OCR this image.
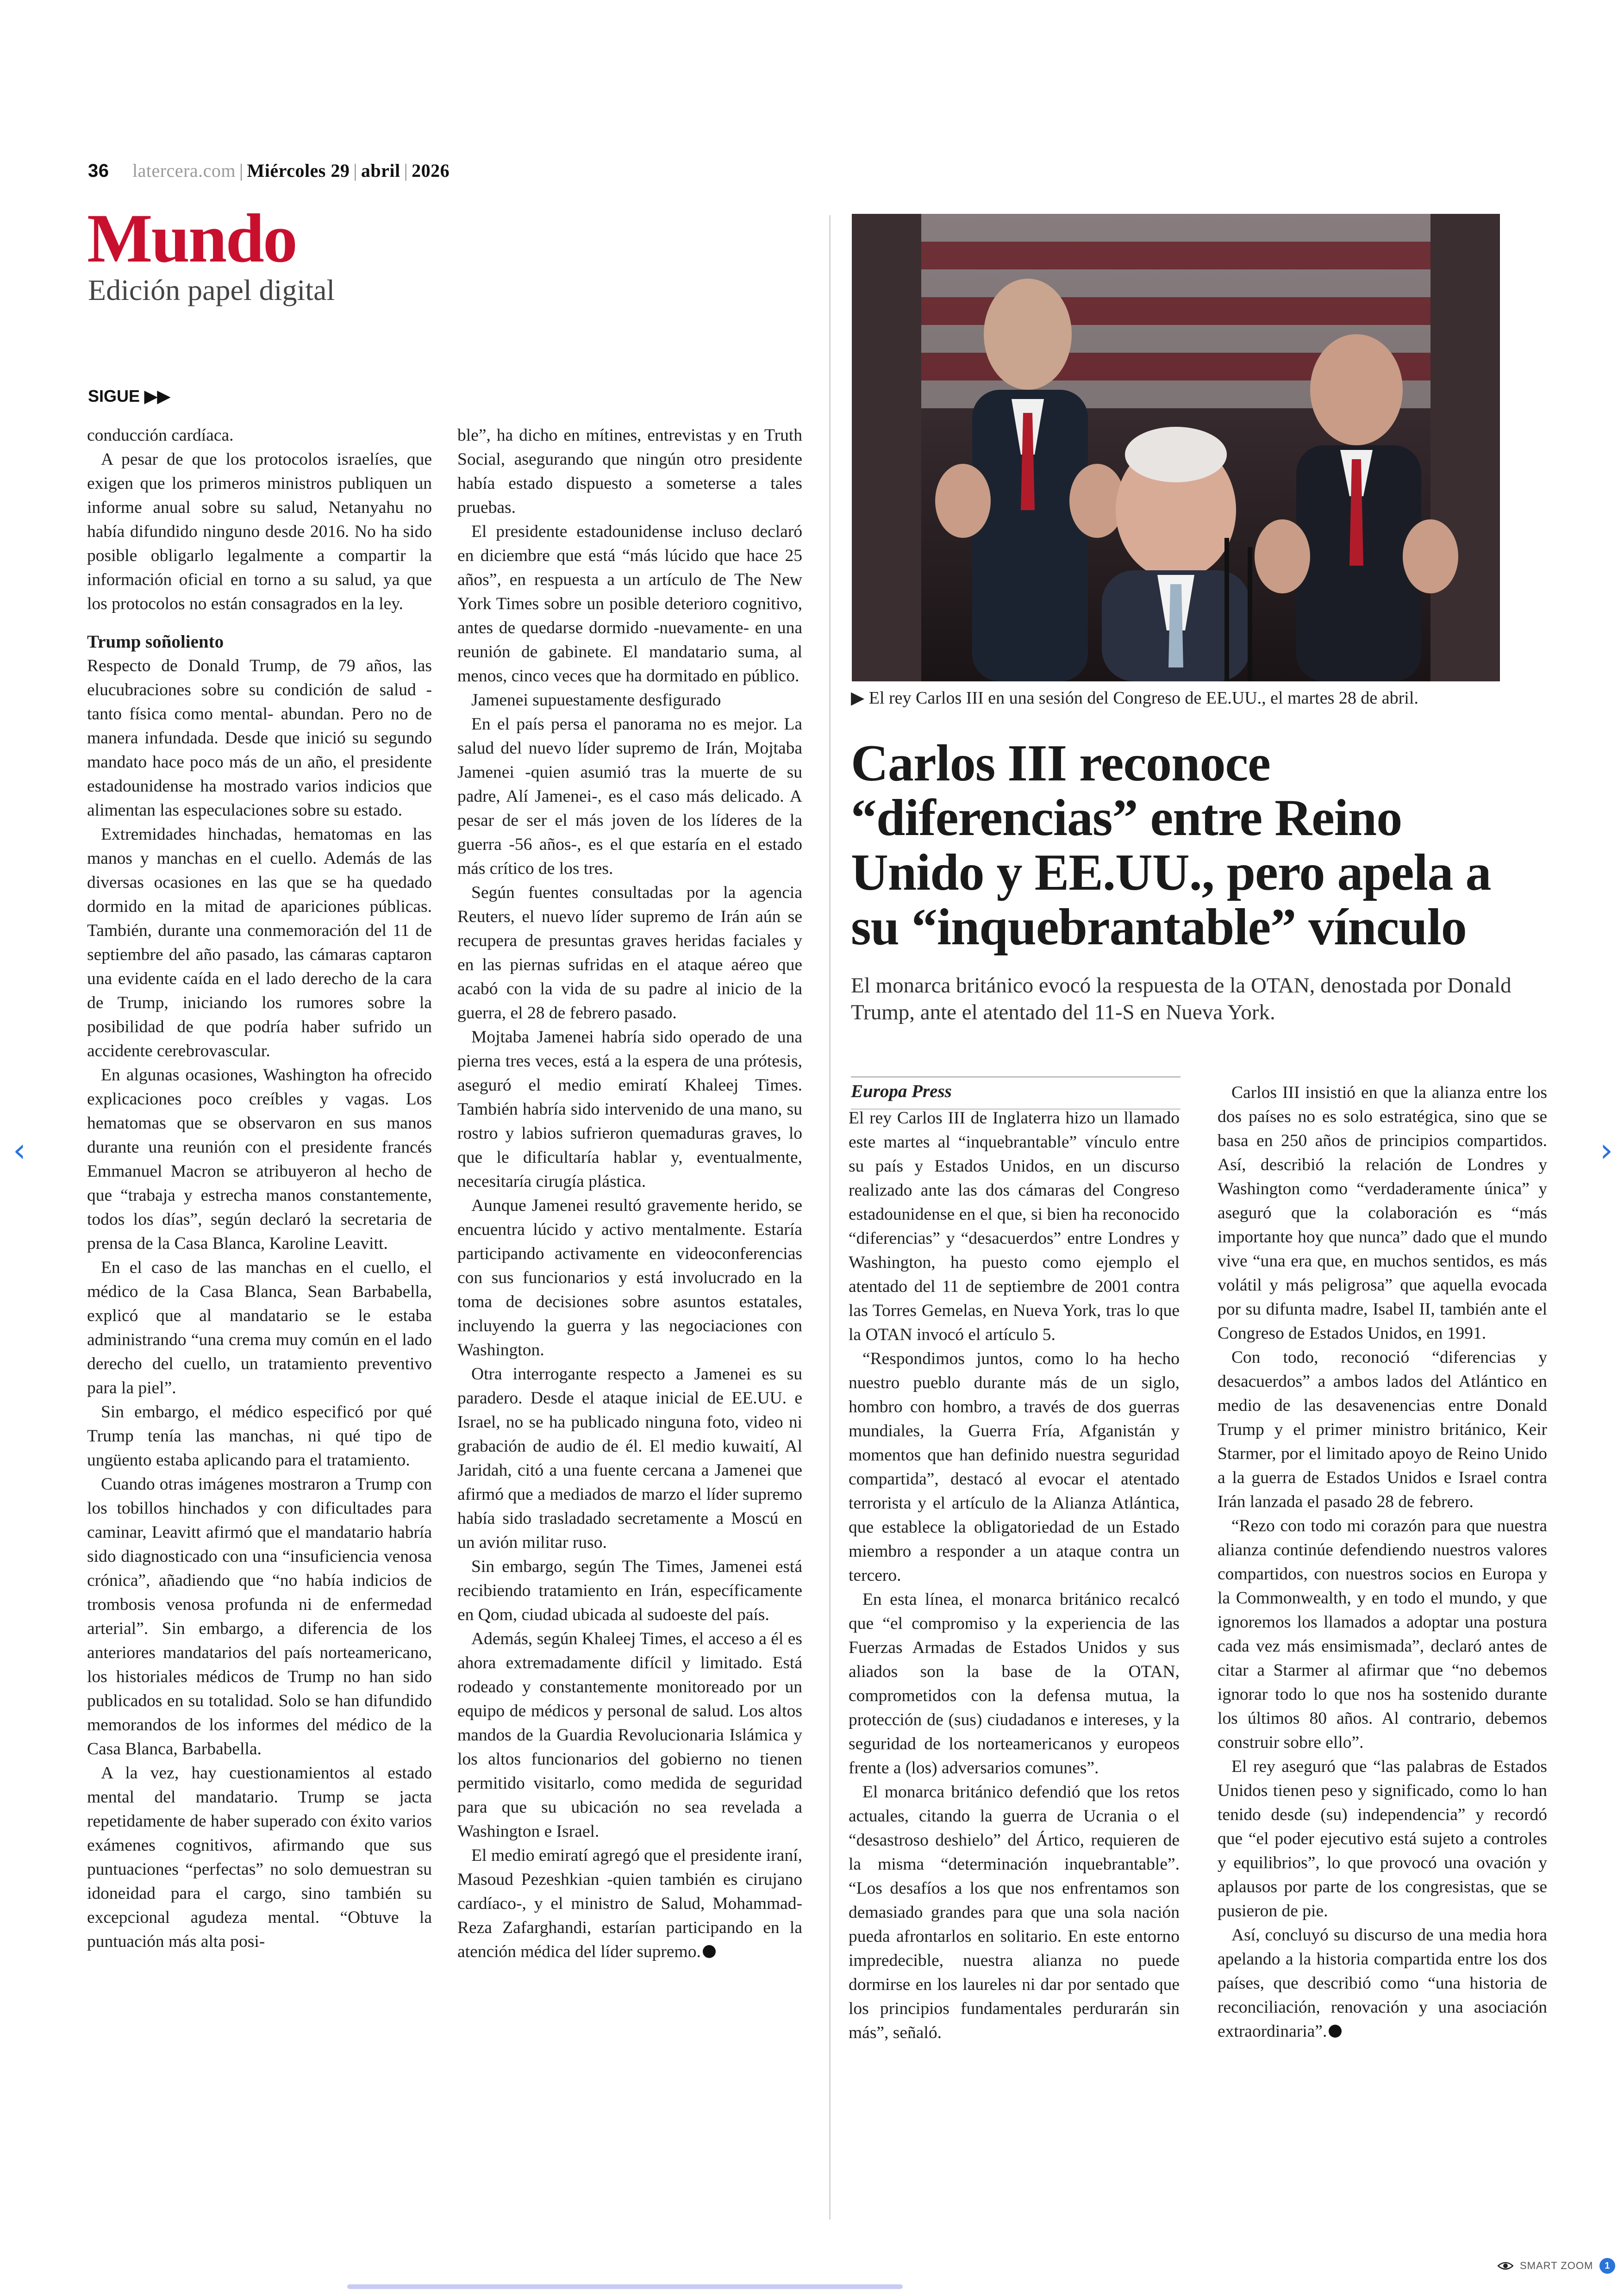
36 latercera.com | Miércoles 29 | abril | 2026
Mundo
Edición papel digital
SIGUE ▶▶

conducción cardíaca.

A pesar de que los protocolos israelíes, que exigen que los primeros ministros publiquen un informe anual sobre su salud, Netanyahu no había difundido ninguno desde 2016. No ha sido posible obligarlo legalmente a compartir la información oficial en torno a su salud, ya que los protocolos no están consagrados en la ley.

Trump soñoliento

Respecto de Donald Trump, de 79 años, las elucubraciones sobre su condición de salud -tanto física como mental- abundan. Pero no de manera infundada. Desde que inició su segundo mandato hace poco más de un año, el presidente estadounidense ha mostrado varios indicios que alimentan las especulaciones sobre su estado.

Extremidades hinchadas, hematomas en las manos y manchas en el cuello. Además de las diversas ocasiones en las que se ha quedado dormido en la mitad de apariciones públicas. También, durante una conmemoración del 11 de septiembre del año pasado, las cámaras captaron una evidente caída en el lado derecho de la cara de Trump, iniciando los rumores sobre la posibilidad de que podría haber sufrido un accidente cerebrovascular.

En algunas ocasiones, Washington ha ofrecido explicaciones poco creíbles y vagas. Los hematomas que se observaron en sus manos durante una reunión con el presidente francés Emmanuel Macron se atribuyeron al hecho de que “trabaja y estrecha manos constantemente, todos los días”, según declaró la secretaria de prensa de la Casa Blanca, Karoline Leavitt.

En el caso de las manchas en el cuello, el médico de la Casa Blanca, Sean Barbabella, explicó que al mandatario se le estaba administrando “una crema muy común en el lado derecho del cuello, un tratamiento preventivo para la piel”.

Sin embargo, el médico especificó por qué Trump tenía las manchas, ni qué tipo de ungüento estaba aplicando para el tratamiento.

Cuando otras imágenes mostraron a Trump con los tobillos hinchados y con dificultades para caminar, Leavitt afirmó que el mandatario habría sido diagnosticado con una “insuficiencia venosa crónica”, añadiendo que “no había indicios de trombosis venosa profunda ni de enfermedad arterial”. Sin embargo, a diferencia de los anteriores mandatarios del país norteamericano, los historiales médicos de Trump no han sido publicados en su totalidad. Solo se han difundido memorandos de los informes del médico de la Casa Blanca, Barbabella.

A la vez, hay cuestionamientos al estado mental del mandatario. Trump se jacta repetidamente de haber superado con éxito varios exámenes cognitivos, afirmando que sus puntuaciones “perfectas” no solo demuestran su idoneidad para el cargo, sino también su excepcional agudeza mental. “Obtuve la puntuación más alta posi-

ble”, ha dicho en mítines, entrevistas y en Truth Social, asegurando que ningún otro presidente había estado dispuesto a someterse a tales pruebas.

El presidente estadounidense incluso declaró en diciembre que está “más lúcido que hace 25 años”, en respuesta a un artículo de The New York Times sobre un posible deterioro cognitivo, antes de quedarse dormido -nuevamente- en una reunión de gabinete. El mandatario suma, al menos, cinco veces que ha dormitado en público.

Jamenei supuestamente desfigurado

En el país persa el panorama no es mejor. La salud del nuevo líder supremo de Irán, Mojtaba Jamenei -quien asumió tras la muerte de su padre, Alí Jamenei-, es el caso más delicado. A pesar de ser el más joven de los líderes de la guerra -56 años-, es el que estaría en el estado más crítico de los tres.

Según fuentes consultadas por la agencia Reuters, el nuevo líder supremo de Irán aún se recupera de presuntas graves heridas faciales y en las piernas sufridas en el ataque aéreo que acabó con la vida de su padre al inicio de la guerra, el 28 de febrero pasado.

Mojtaba Jamenei habría sido operado de una pierna tres veces, está a la espera de una prótesis, aseguró el medio emiratí Khaleej Times. También habría sido intervenido de una mano, su rostro y labios sufrieron quemaduras graves, lo que le dificultaría hablar y, eventualmente, necesitaría cirugía plástica.

Aunque Jamenei resultó gravemente herido, se encuentra lúcido y activo mentalmente. Estaría participando activamente en videoconferencias con sus funcionarios y está involucrado en la toma de decisiones sobre asuntos estatales, incluyendo la guerra y las negociaciones con Washington.

Otra interrogante respecto a Jamenei es su paradero. Desde el ataque inicial de EE.UU. e Israel, no se ha publicado ninguna foto, video ni grabación de audio de él. El medio kuwaití, Al Jaridah, citó a una fuente cercana a Jamenei que afirmó que a mediados de marzo el líder supremo había sido trasladado secretamente a Moscú en un avión militar ruso.

Sin embargo, según The Times, Jamenei está recibiendo tratamiento en Irán, específicamente en Qom, ciudad ubicada al sudoeste del país.

Además, según Khaleej Times, el acceso a él es ahora extremadamente difícil y limitado. Está rodeado y constantemente monitoreado por un equipo de médicos y personal de salud. Los altos mandos de la Guardia Revolucionaria Islámica y los altos funcionarios del gobierno no tienen permitido visitarlo, como medida de seguridad para que su ubicación no sea revelada a Washington e Israel.

El medio emiratí agregó que el presidente iraní, Masoud Pezeshkian -quien también es cirujano cardíaco-, y el ministro de Salud, Mohammad-Reza Zafarghandi, estarían participando en la atención médica del líder supremo.

▶ El rey Carlos III en una sesión del Congreso de EE.UU., el martes 28 de abril.
Carlos III reconoce “diferencias” entre Reino Unido y EE.UU., pero apela a su “inquebrantable” vínculo
El monarca británico evocó la respuesta de la OTAN, denostada por Donald Trump, ante el atentado del 11-S en Nueva York.
Europa Press

El rey Carlos III de Inglaterra hizo un llamado este martes al “inquebrantable” vínculo entre su país y Estados Unidos, en un discurso realizado ante las dos cámaras del Congreso estadounidense en el que, si bien ha reconocido “diferencias” y “desacuerdos” entre Londres y Washington, ha puesto como ejemplo el atentado del 11 de septiembre de 2001 contra las Torres Gemelas, en Nueva York, tras lo que la OTAN invocó el artículo 5.

“Respondimos juntos, como lo ha hecho nuestro pueblo durante más de un siglo, hombro con hombro, a través de dos guerras mundiales, la Guerra Fría, Afganistán y momentos que han definido nuestra seguridad compartida”, destacó al evocar el atentado terrorista y el artículo de la Alianza Atlántica, que establece la obligatoriedad de un Estado miembro a responder a un ataque contra un tercero.

En esta línea, el monarca británico recalcó que “el compromiso y la experiencia de las Fuerzas Armadas de Estados Unidos y sus aliados son la base de la OTAN, comprometidos con la defensa mutua, la protección de (sus) ciudadanos e intereses, y la seguridad de los norteamericanos y europeos frente a (los) adversarios comunes”.

El monarca británico defendió que los retos actuales, citando la guerra de Ucrania o el “desastroso deshielo” del Ártico, requieren de la misma “determinación inquebrantable”. “Los desafíos a los que nos enfrentamos son demasiado grandes para que una sola nación pueda afrontarlos en solitario. En este entorno impredecible, nuestra alianza no puede dormirse en los laureles ni dar por sentado que los principios fundamentales perdurarán sin más”, señaló.

Carlos III insistió en que la alianza entre los dos países no es solo estratégica, sino que se basa en 250 años de principios compartidos. Así, describió la relación de Londres y Washington como “verdaderamente única” y aseguró que la colaboración es “más importante hoy que nunca” dado que el mundo vive “una era que, en muchos sentidos, es más volátil y más peligrosa” que aquella evocada por su difunta madre, Isabel II, también ante el Congreso de Estados Unidos, en 1991.

Con todo, reconoció “diferencias y desacuerdos” a ambos lados del Atlántico en medio de las desavenencias entre Donald Trump y el primer ministro británico, Keir Starmer, por el limitado apoyo de Reino Unido a la guerra de Estados Unidos e Israel contra Irán lanzada el pasado 28 de febrero.

“Rezo con todo mi corazón para que nuestra alianza continúe defendiendo nuestros valores compartidos, con nuestros socios en Europa y la Commonwealth, y en todo el mundo, y que ignoremos los llamados a adoptar una postura cada vez más ensimismada”, declaró antes de citar a Starmer al afirmar que “no debemos ignorar todo lo que nos ha sostenido durante los últimos 80 años. Al contrario, debemos construir sobre ello”.

El rey aseguró que “las palabras de Estados Unidos tienen peso y significado, como lo han tenido desde (su) independencia” y recordó que “el poder ejecutivo está sujeto a controles y equilibrios”, lo que provocó una ovación y aplausos por parte de los congresistas, que se pusieron de pie.

Así, concluyó su discurso de una media hora apelando a la historia compartida entre los dos países, que describió como “una historia de reconciliación, renovación y una asociación extraordinaria”.

‹	›
SMART ZOOM	1
